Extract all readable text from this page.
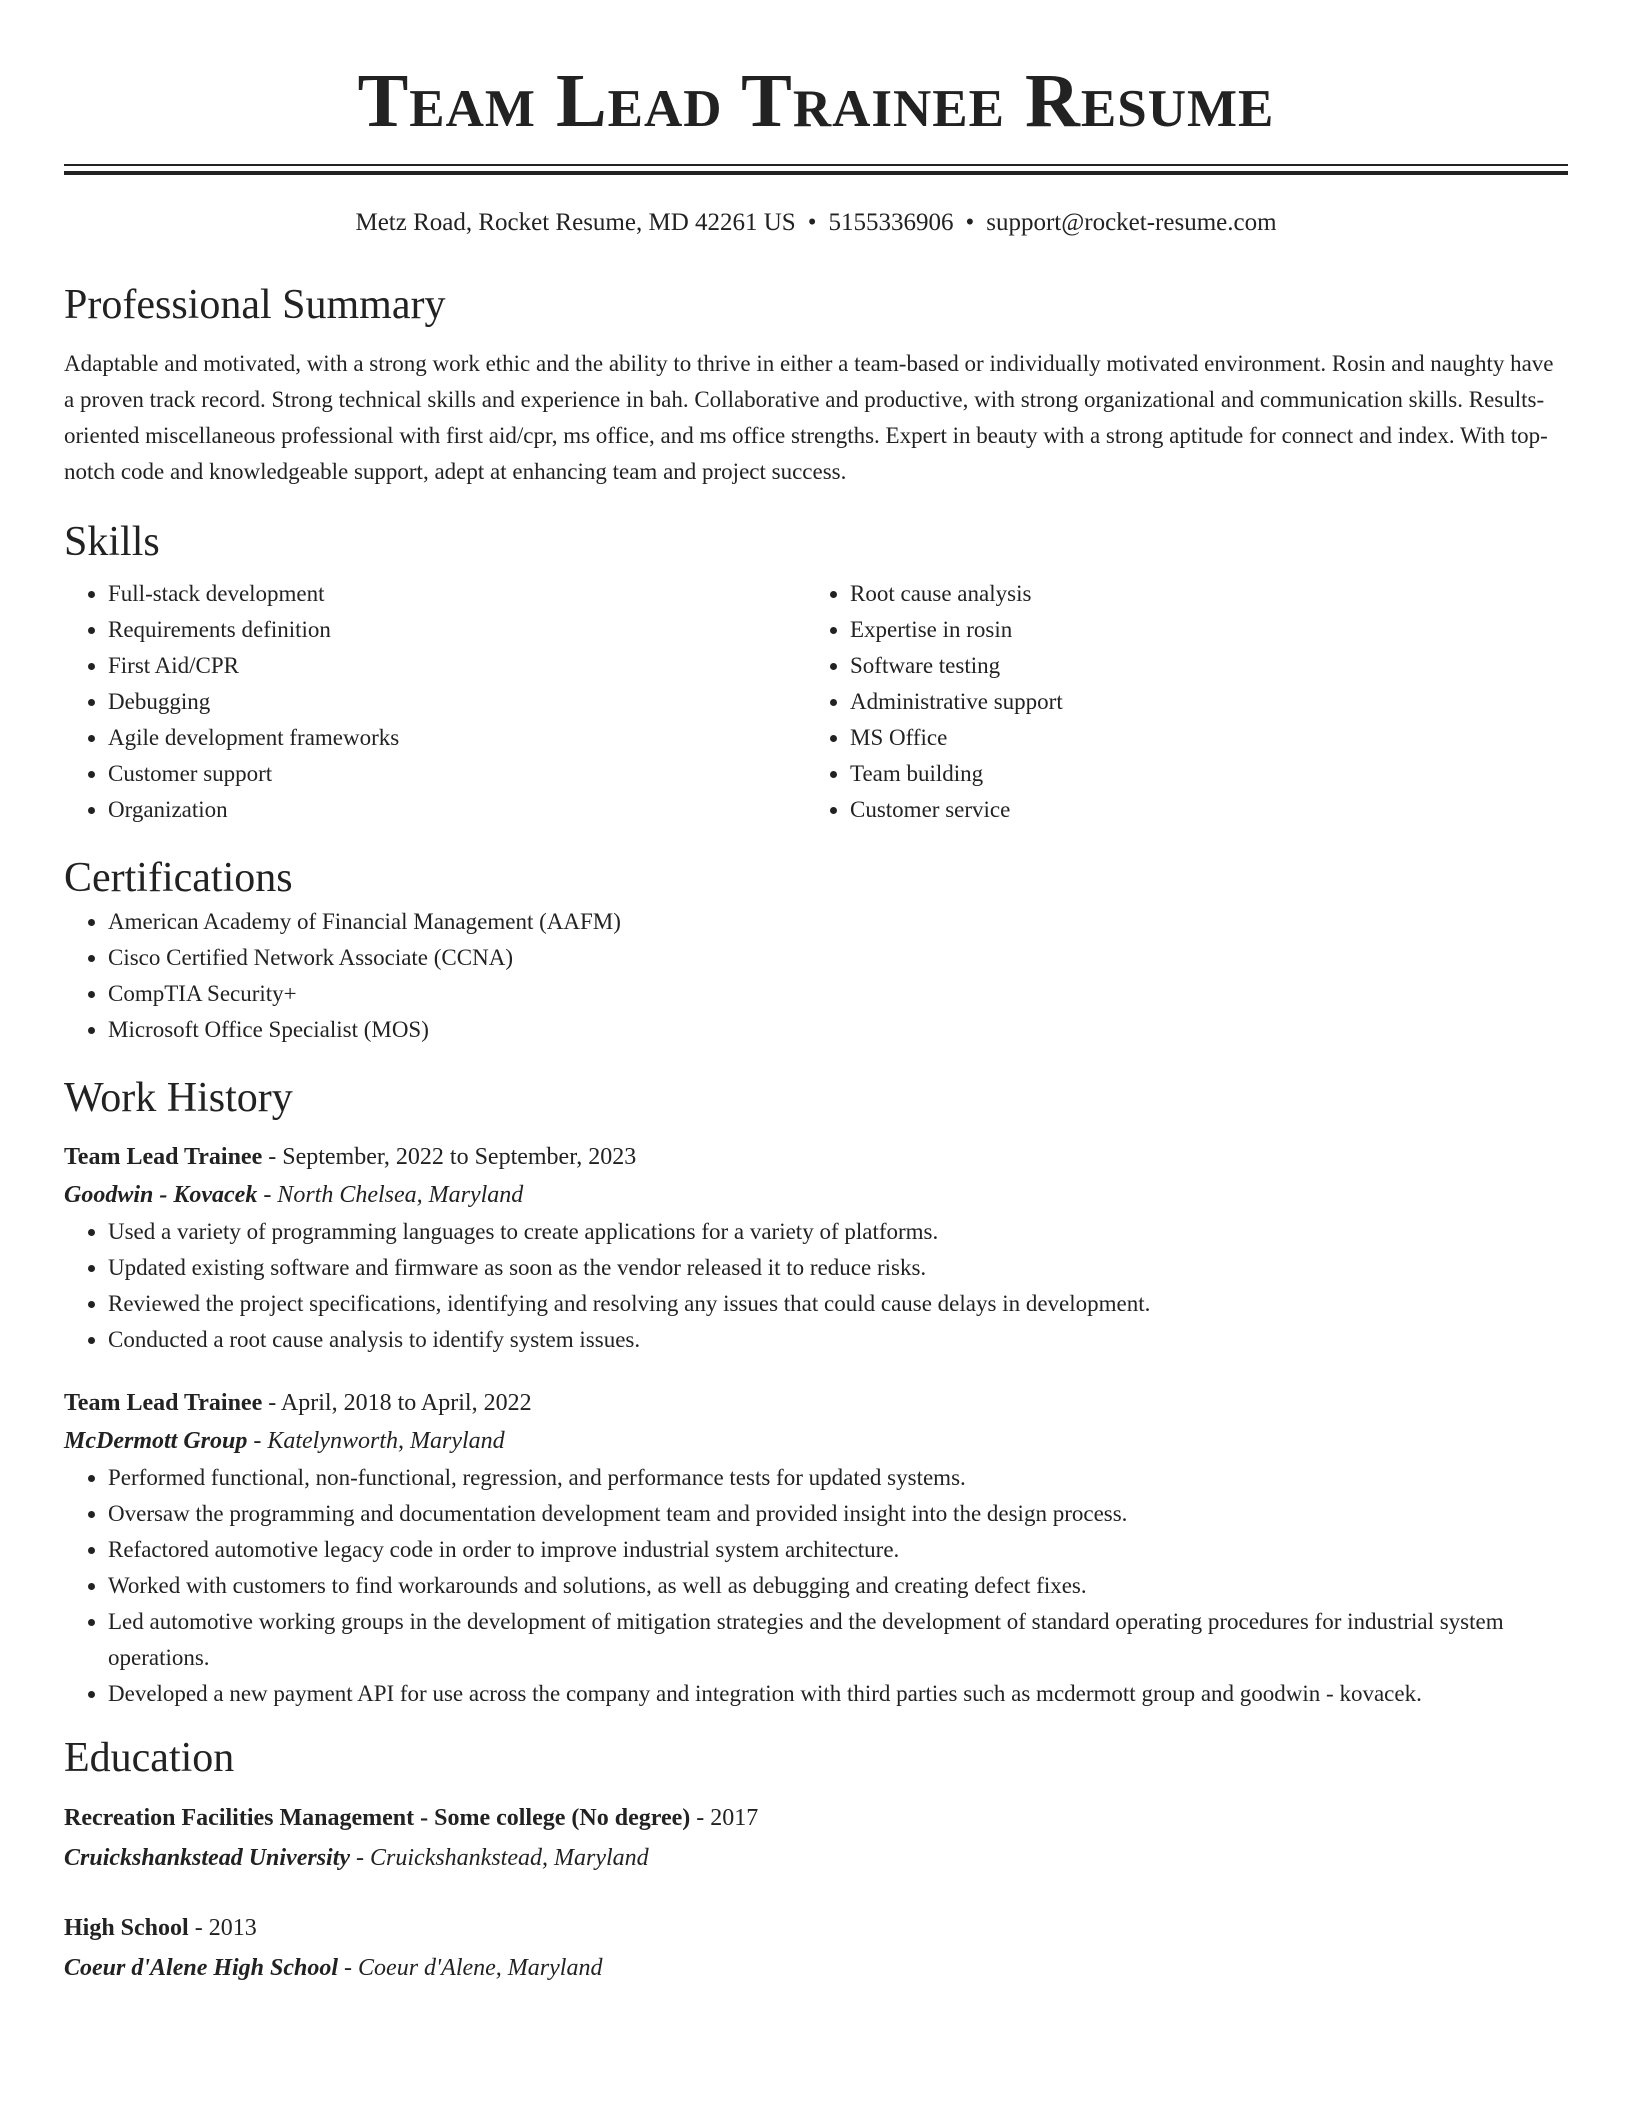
Team Lead Trainee Resume
Metz Road, Rocket Resume, MD 42261 US • 5155336906 • support@rocket-resume.com
Professional Summary

Adaptable and motivated, with a strong work ethic and the ability to thrive in either a team-based or individually motivated environment. Rosin and naughty have a proven track record. Strong technical skills and experience in bah. Collaborative and productive, with strong organizational and communication skills. Results-oriented miscellaneous professional with first aid/cpr, ms office, and ms office strengths. Expert in beauty with a strong aptitude for connect and index. With top-notch code and knowledgeable support, adept at enhancing team and project success.

Skills
• Full-stack development
• Requirements definition
• First Aid/CPR
• Debugging
• Agile development frameworks
• Customer support
• Organization
• Root cause analysis
• Expertise in rosin
• Software testing
• Administrative support
• MS Office
• Team building
• Customer service
Certifications
• American Academy of Financial Management (AAFM)
• Cisco Certified Network Associate (CCNA)
• CompTIA Security+
• Microsoft Office Specialist (MOS)
Work History
Team Lead Trainee - September, 2022 to September, 2023
Goodwin - Kovacek - North Chelsea, Maryland
• Used a variety of programming languages to create applications for a variety of platforms.
• Updated existing software and firmware as soon as the vendor released it to reduce risks.
• Reviewed the project specifications, identifying and resolving any issues that could cause delays in development.
• Conducted a root cause analysis to identify system issues.
Team Lead Trainee - April, 2018 to April, 2022
McDermott Group - Katelynworth, Maryland
• Performed functional, non-functional, regression, and performance tests for updated systems.
• Oversaw the programming and documentation development team and provided insight into the design process.
• Refactored automotive legacy code in order to improve industrial system architecture.
• Worked with customers to find workarounds and solutions, as well as debugging and creating defect fixes.
• Led automotive working groups in the development of mitigation strategies and the development of standard operating procedures for industrial system operations.
• Developed a new payment API for use across the company and integration with third parties such as mcdermott group and goodwin - kovacek.
Education
Recreation Facilities Management - Some college (No degree) - 2017
Cruickshankstead University - Cruickshankstead, Maryland
High School - 2013
Coeur d'Alene High School - Coeur d'Alene, Maryland
